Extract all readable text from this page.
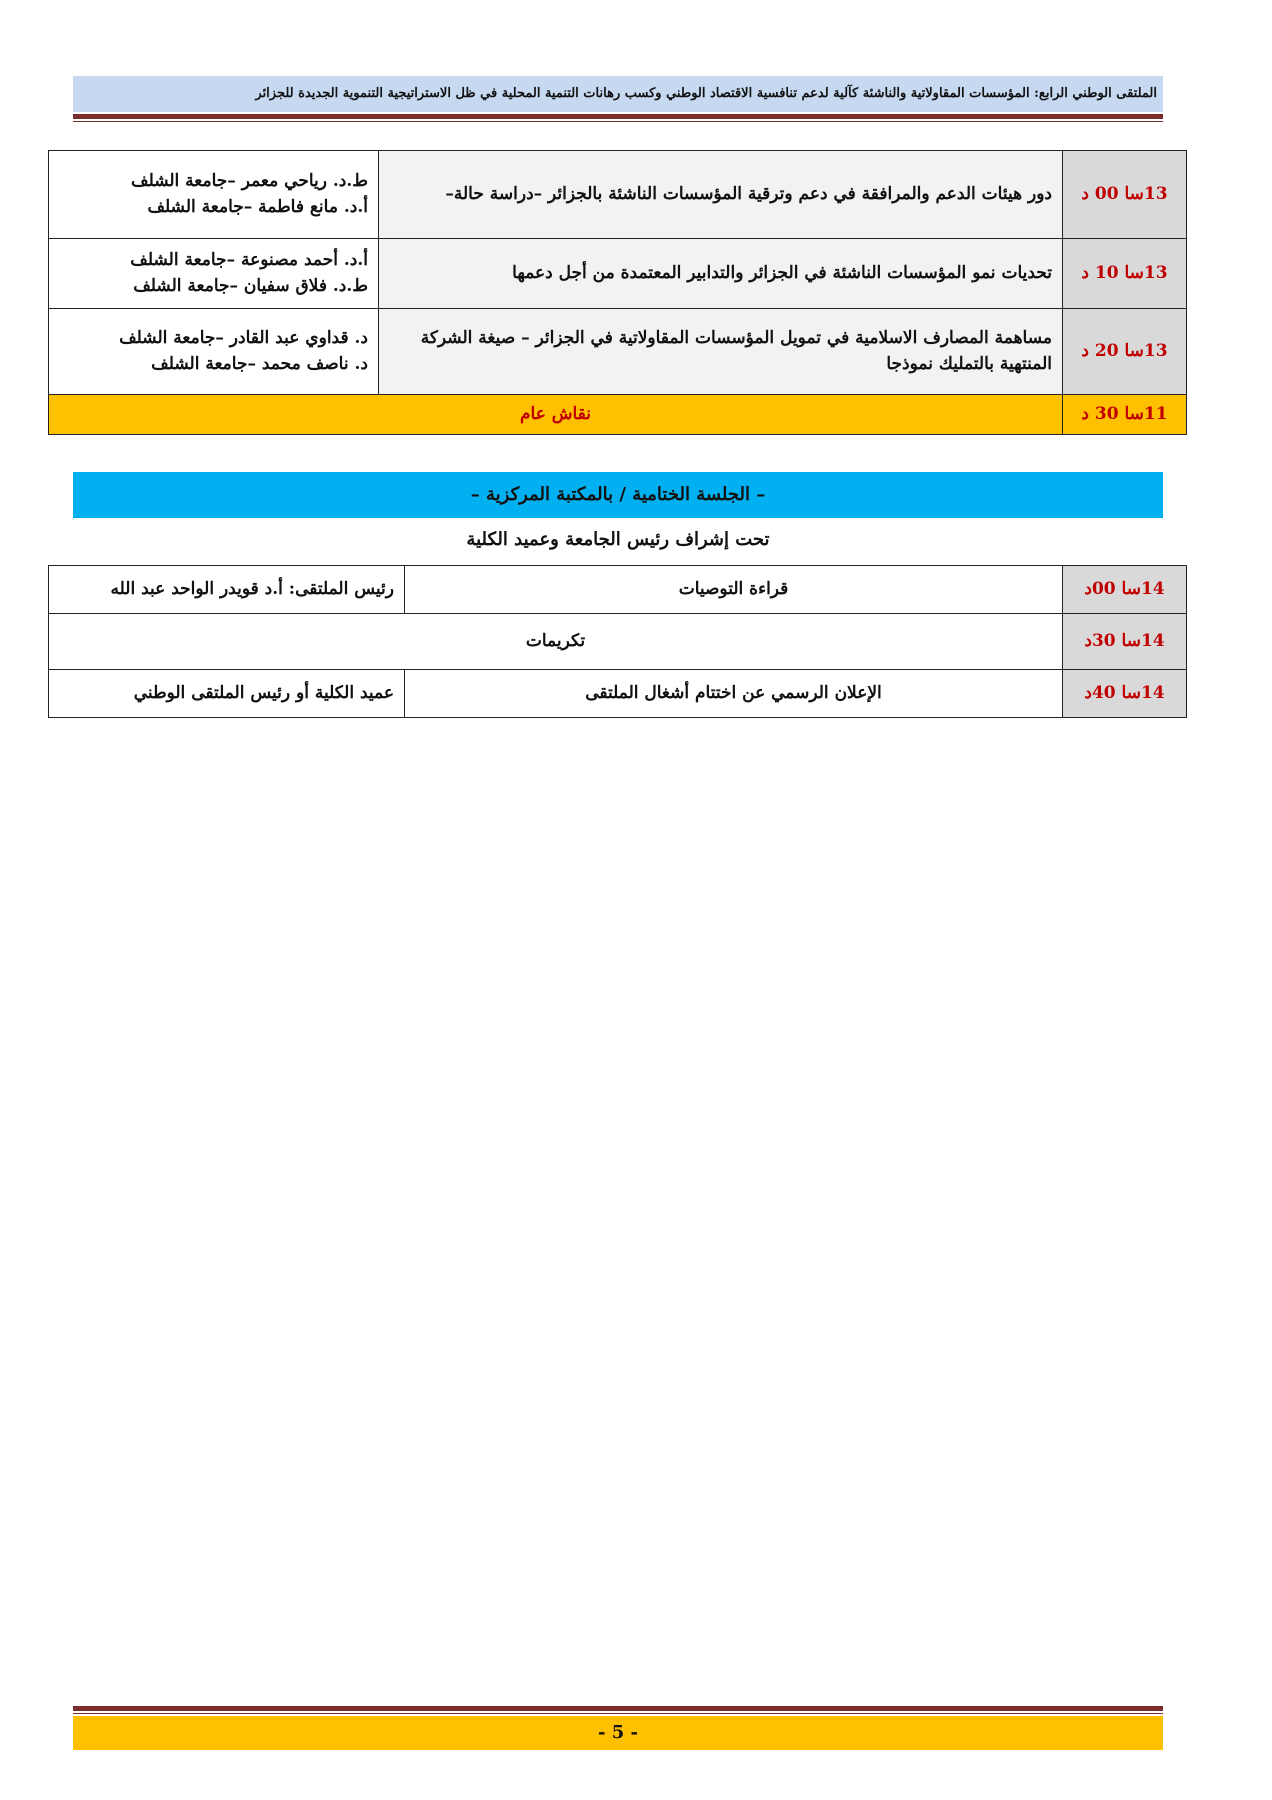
الملتقى الوطني الرابع: المؤسسات المقاولاتية والناشئة كآلية لدعم تنافسية الاقتصاد الوطني وكسب رهانات التنمية المحلية في ظل الاستراتيجية التنموية الجديدة للجزائر
13سا 00 د	دور هيئات الدعم والمرافقة في دعم وترقية المؤسسات الناشئة بالجزائر –دراسة حالة–	ط.د. رياحي معمر –جامعة الشلف
أ.د. مانع فاطمة –جامعة الشلف

13سا 10 د	تحديات نمو المؤسسات الناشئة في الجزائر والتدابير المعتمدة من أجل دعمها	أ.د. أحمد مصنوعة –جامعة الشلف
ط.د. فلاق سفيان –جامعة الشلف

13سا 20 د	مساهمة المصارف الاسلامية في تمويل المؤسسات المقاولاتية في الجزائر – صيغة الشركة المنتهية بالتمليك نموذجا	د. قداوي عبد القادر –جامعة الشلف
د. ناصف محمد –جامعة الشلف

11سا 30 د	نقاش عام	
– الجلسة الختامية / بالمكتبة المركزية –
تحت إشراف رئيس الجامعة وعميد الكلية
14سا 00د	قراءة التوصيات	رئيس الملتقى: أ.د قويدر الواحد عبد الله
14سا 30د	تكريمات	
14سا 40د	الإعلان الرسمي عن اختتام أشغال الملتقى	عميد الكلية أو رئيس الملتقى الوطني
- 5 -
